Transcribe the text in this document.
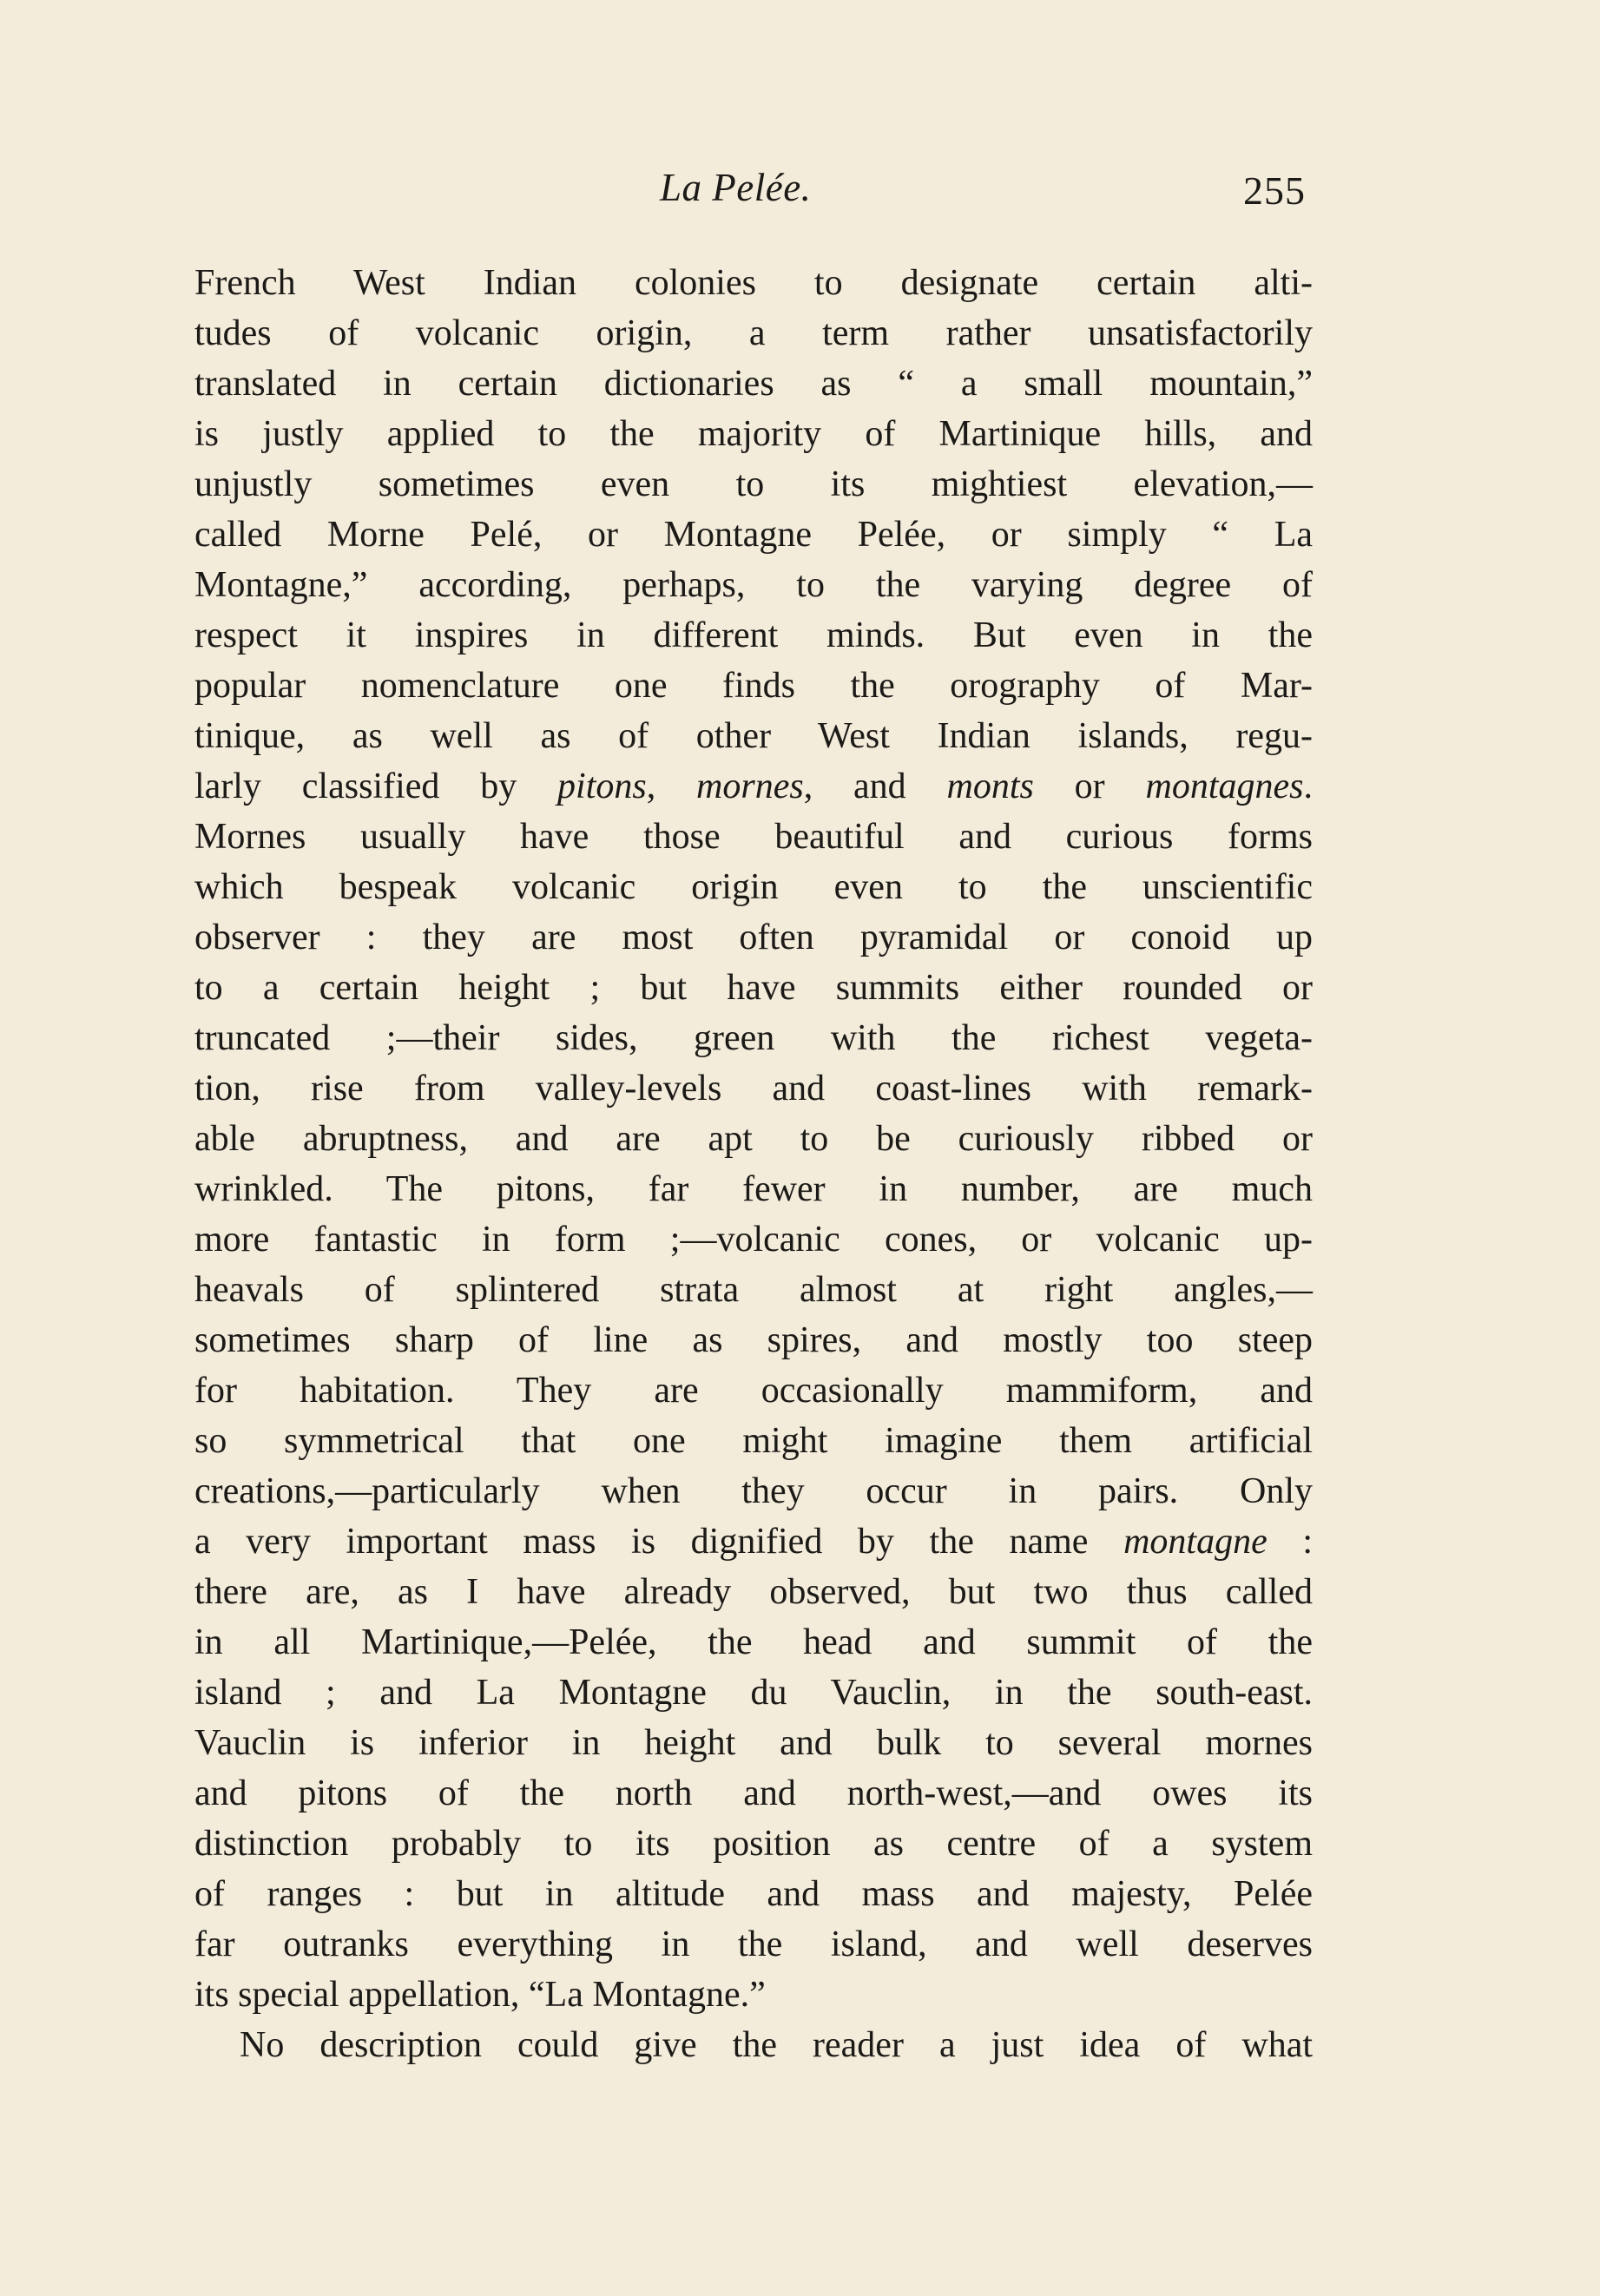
La Pelée.	255
French West Indian colonies to designate certain alti-
tudes of volcanic origin, a term rather unsatisfactorily
translated in certain dictionaries as “ a small mountain,”
is justly applied to the majority of Martinique hills, and
unjustly sometimes even to its mightiest elevation,—
called Morne Pelé, or Montagne Pelée, or simply “ La
Montagne,” according, perhaps, to the varying degree of
respect it inspires in different minds. But even in the
popular nomenclature one finds the orography of Mar-
tinique, as well as of other West Indian islands, regu-
larly classified by pitons, mornes, and monts or montagnes.
Mornes usually have those beautiful and curious forms
which bespeak volcanic origin even to the unscientific
observer : they are most often pyramidal or conoid up
to a certain height ; but have summits either rounded or
truncated ;—their sides, green with the richest vegeta-
tion, rise from valley-levels and coast-lines with remark-
able abruptness, and are apt to be curiously ribbed or
wrinkled. The pitons, far fewer in number, are much
more fantastic in form ;—volcanic cones, or volcanic up-
heavals of splintered strata almost at right angles,—
sometimes sharp of line as spires, and mostly too steep
for habitation. They are occasionally mammiform, and
so symmetrical that one might imagine them artificial
creations,—particularly when they occur in pairs. Only
a very important mass is dignified by the name montagne :
there are, as I have already observed, but two thus called
in all Martinique,—Pelée, the head and summit of the
island ; and La Montagne du Vauclin, in the south-east.
Vauclin is inferior in height and bulk to several mornes
and pitons of the north and north-west,—and owes its
distinction probably to its position as centre of a system
of ranges : but in altitude and mass and majesty, Pelée
far outranks everything in the island, and well deserves
its special appellation, “La Montagne.”
No description could give the reader a just idea of what
